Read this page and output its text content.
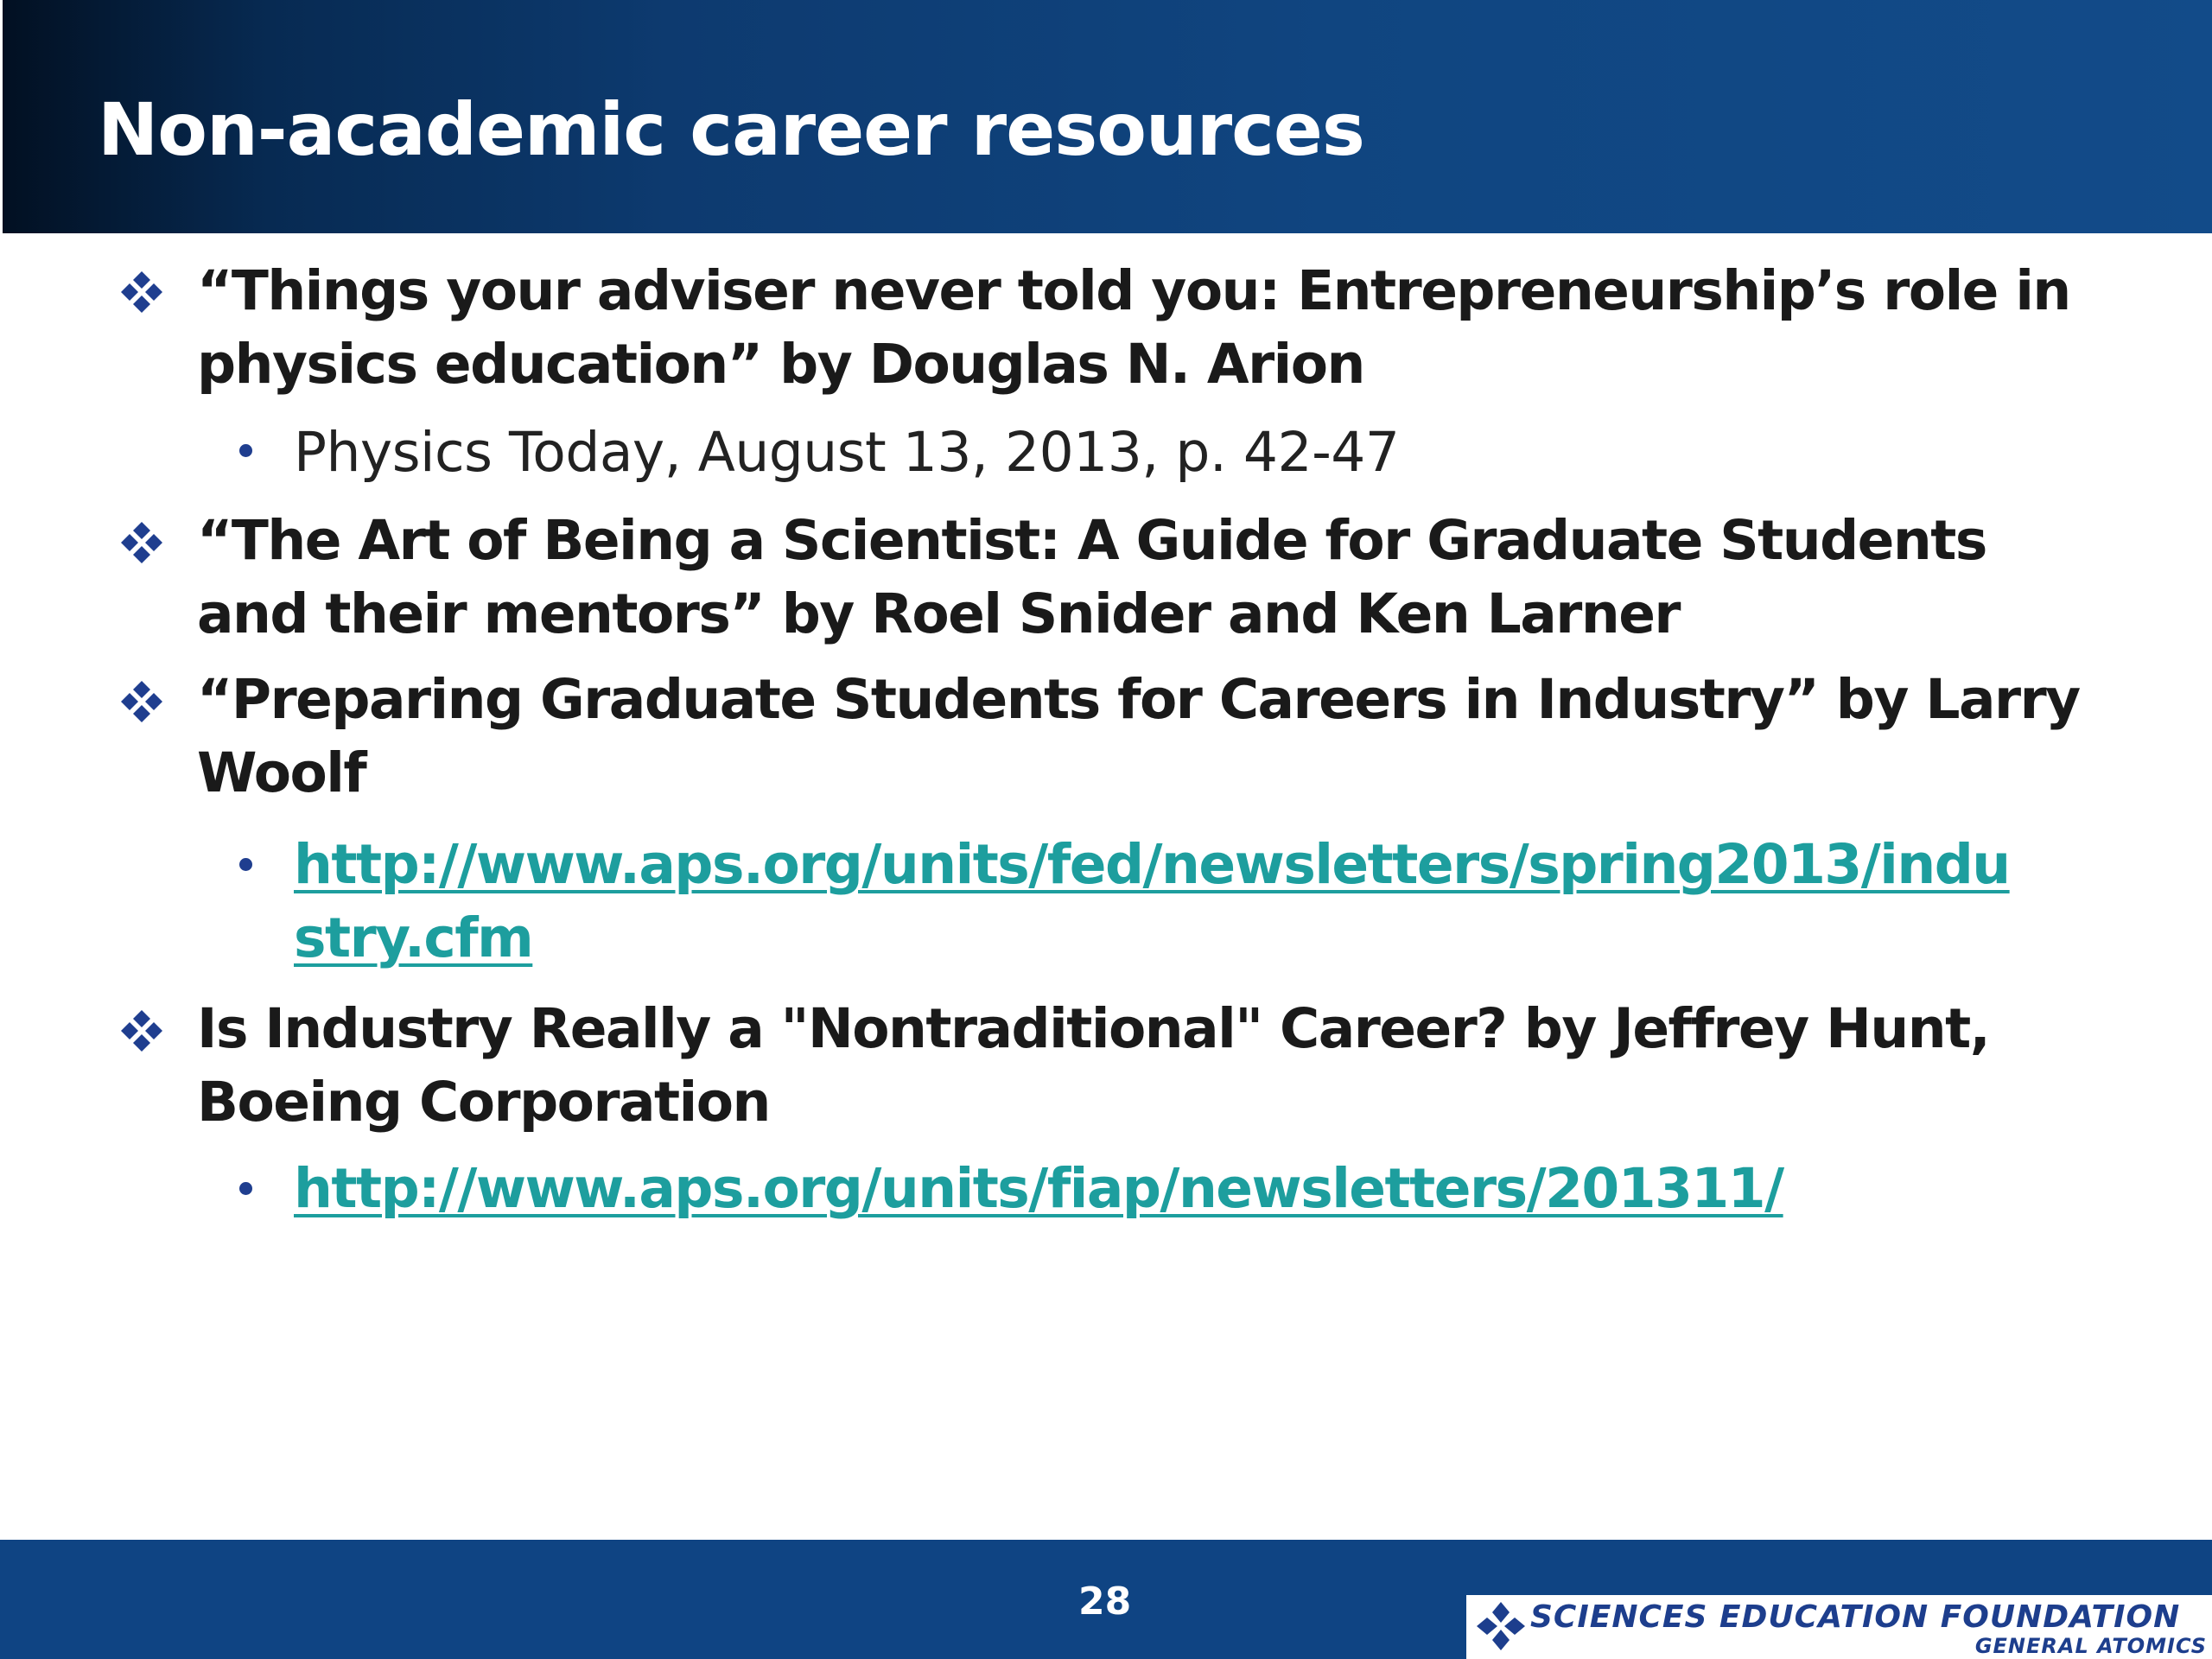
Non-academic career resources

“Things your adviser never told you: Entrepreneurship’s role in

physics education” by Douglas N. Arion

Physics Today, August 13, 2013, p. 42-47

“The Art of Being a Scientist: A Guide for Graduate Students

and their mentors” by Roel Snider and Ken Larner

“Preparing Graduate Students for Careers in Industry” by Larry

Woolf

http://www.aps.org/units/fed/newsletters/spring2013/indu
stry.cfm

Is Industry Really a "Nontraditional" Career? by Jeffrey Hunt,

Boeing Corporation

http://www.aps.org/units/fiap/newsletters/201311/
28	SCIENCES EDUCATION FOUNDATION
GENERAL ATOMICS
